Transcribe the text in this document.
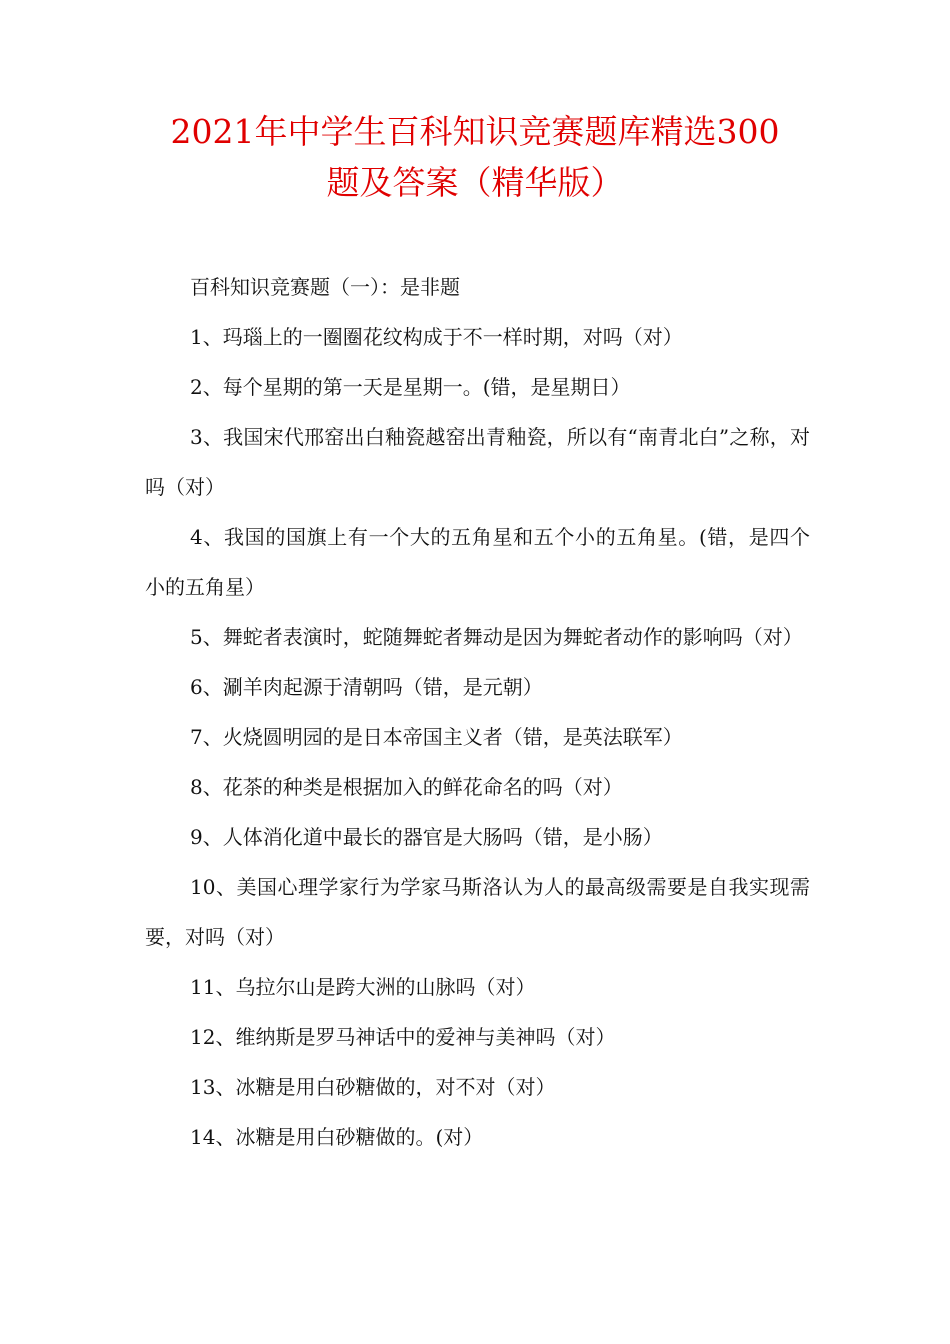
2021年中学生百科知识竞赛题库精选300
题及答案（精华版）

百科知识竞赛题（一）：是非题

1、玛瑙上的一圈圈花纹构成于不一样时期，对吗（对）

2、每个星期的第一天是星期一。(错，是星期日）

3、我国宋代邢窑出白釉瓷越窑出青釉瓷，所以有“南青北白”之称，对吗（对）

4、我国的国旗上有一个大的五角星和五个小的五角星。(错，是四个小的五角星）

5、舞蛇者表演时，蛇随舞蛇者舞动是因为舞蛇者动作的影响吗（对）

6、涮羊肉起源于清朝吗（错，是元朝）

7、火烧圆明园的是日本帝国主义者（错，是英法联军）

8、花茶的种类是根据加入的鲜花命名的吗（对）

9、人体消化道中最长的器官是大肠吗（错，是小肠）

10、美国心理学家行为学家马斯洛认为人的最高级需要是自我实现需要，对吗（对）

11、乌拉尔山是跨大洲的山脉吗（对）

12、维纳斯是罗马神话中的爱神与美神吗（对）

13、冰糖是用白砂糖做的，对不对（对）

14、冰糖是用白砂糖做的。(对）
